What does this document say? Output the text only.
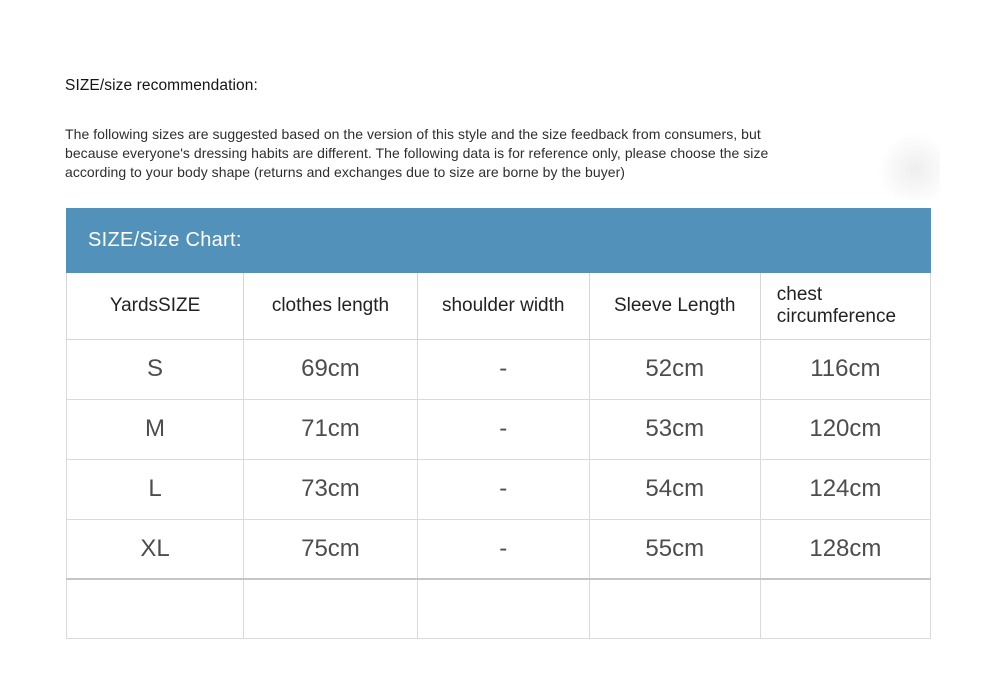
SIZE/size recommendation:
The following sizes are suggested based on the version of this style and the size feedback from consumers, but
because everyone's dressing habits are different. The following data is for reference only, please choose the size
according to your body shape (returns and exchanges due to size are borne by the buyer)
SIZE/Size Chart:
YardsSIZE	clothes length	shoulder width	Sleeve Length	chest circumference
S	69cm	-	52cm	116cm
M	71cm	-	53cm	120cm
L	73cm	-	54cm	124cm
XL	75cm	-	55cm	128cm
